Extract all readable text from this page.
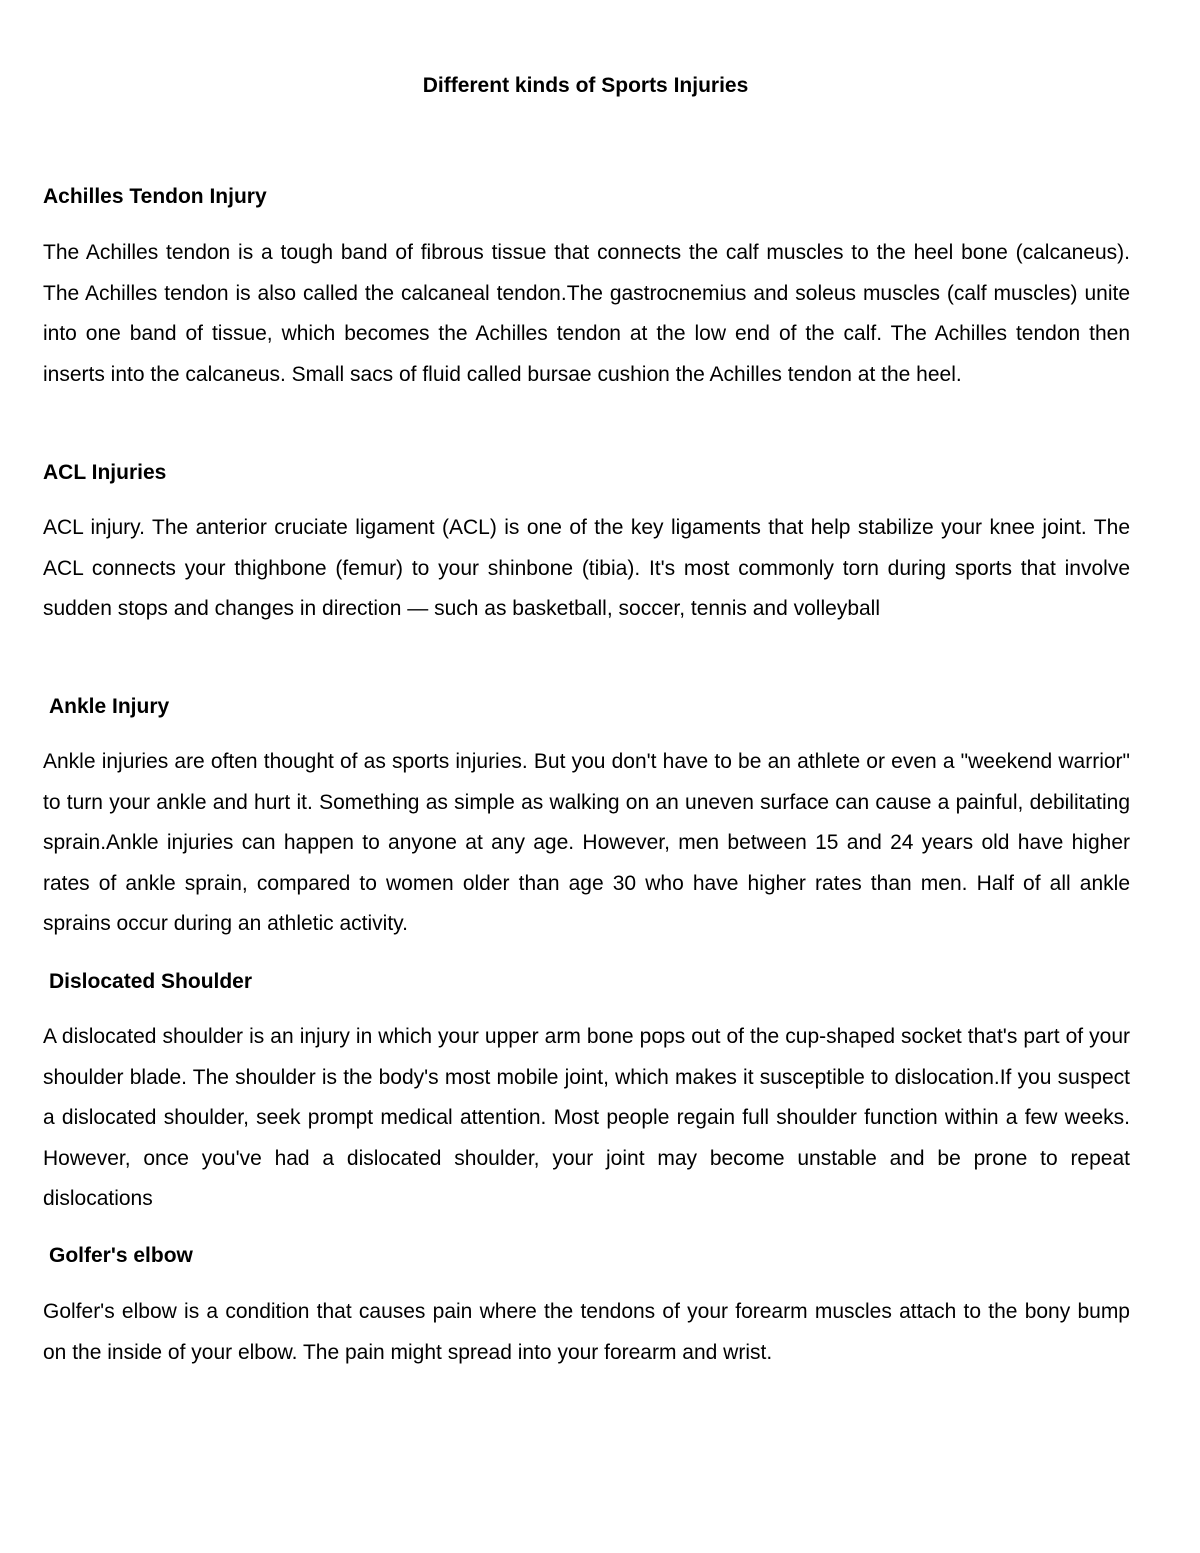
Different kinds of Sports Injuries
Achilles Tendon Injury

The Achilles tendon is a tough band of fibrous tissue that connects the calf muscles to the heel bone (calcaneus). The Achilles tendon is also called the calcaneal tendon.The gastrocnemius and soleus muscles (calf muscles) unite into one band of tissue, which becomes the Achilles tendon at the low end of the calf. The Achilles tendon then inserts into the calcaneus. Small sacs of fluid called bursae cushion the Achilles tendon at the heel.

ACL Injuries

ACL injury. The anterior cruciate ligament (ACL) is one of the key ligaments that help stabilize your knee joint. The ACL connects your thighbone (femur) to your shinbone (tibia). It's most commonly torn during sports that involve sudden stops and changes in direction — such as basketball, soccer, tennis and volleyball

Ankle Injury

Ankle injuries are often thought of as sports injuries. But you don't have to be an athlete or even a "weekend warrior" to turn your ankle and hurt it. Something as simple as walking on an uneven surface can cause a painful, debilitating sprain.Ankle injuries can happen to anyone at any age. However, men between 15 and 24 years old have higher rates of ankle sprain, compared to women older than age 30 who have higher rates than men. Half of all ankle sprains occur during an athletic activity.

Dislocated Shoulder

A dislocated shoulder is an injury in which your upper arm bone pops out of the cup-shaped socket that's part of your shoulder blade. The shoulder is the body's most mobile joint, which makes it susceptible to dislocation.If you suspect a dislocated shoulder, seek prompt medical attention. Most people regain full shoulder function within a few weeks. However, once you've had a dislocated shoulder, your joint may become unstable and be prone to repeat dislocations

Golfer's elbow

Golfer's elbow is a condition that causes pain where the tendons of your forearm muscles attach to the bony bump on the inside of your elbow. The pain might spread into your forearm and wrist.
